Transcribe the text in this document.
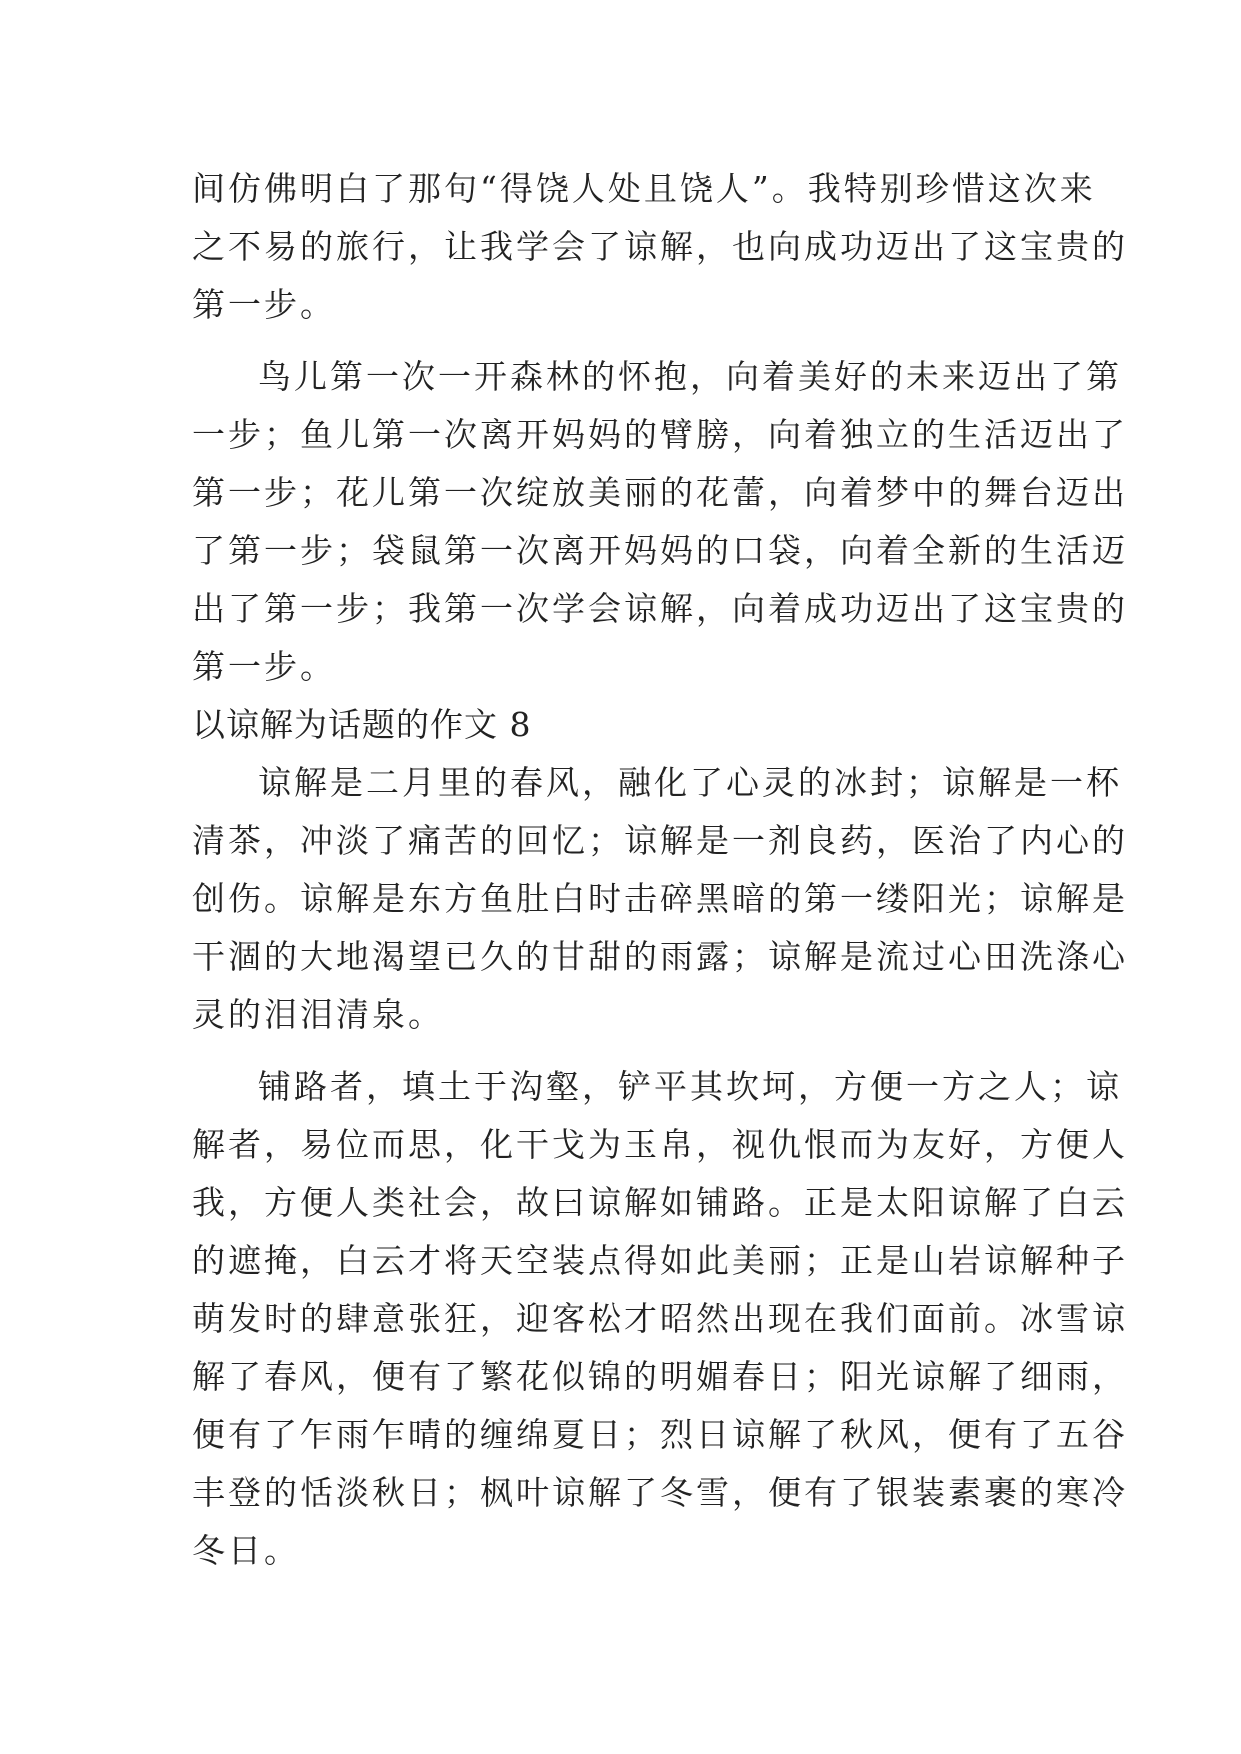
间仿佛明白了那句“得饶人处且饶人”。我特别珍惜这次来
之不易的旅行，让我学会了谅解，也向成功迈出了这宝贵的
第一步。
鸟儿第一次一开森林的怀抱，向着美好的未来迈出了第
一步；鱼儿第一次离开妈妈的臂膀，向着独立的生活迈出了
第一步；花儿第一次绽放美丽的花蕾，向着梦中的舞台迈出
了第一步；袋鼠第一次离开妈妈的口袋，向着全新的生活迈
出了第一步；我第一次学会谅解，向着成功迈出了这宝贵的
第一步。
以谅解为话题的作文 8
谅解是二月里的春风，融化了心灵的冰封；谅解是一杯
清茶，冲淡了痛苦的回忆；谅解是一剂良药，医治了内心的
创伤。谅解是东方鱼肚白时击碎黑暗的第一缕阳光；谅解是
干涸的大地渴望已久的甘甜的雨露；谅解是流过心田洗涤心
灵的泪泪清泉。
铺路者，填土于沟壑，铲平其坎坷，方便一方之人；谅
解者，易位而思，化干戈为玉帛，视仇恨而为友好，方便人
我，方便人类社会，故曰谅解如铺路。正是太阳谅解了白云
的遮掩，白云才将天空装点得如此美丽；正是山岩谅解种子
萌发时的肆意张狂，迎客松才昭然出现在我们面前。冰雪谅
解了春风，便有了繁花似锦的明媚春日；阳光谅解了细雨，
便有了乍雨乍晴的缠绵夏日；烈日谅解了秋风，便有了五谷
丰登的恬淡秋日；枫叶谅解了冬雪，便有了银装素裹的寒冷
冬日。
